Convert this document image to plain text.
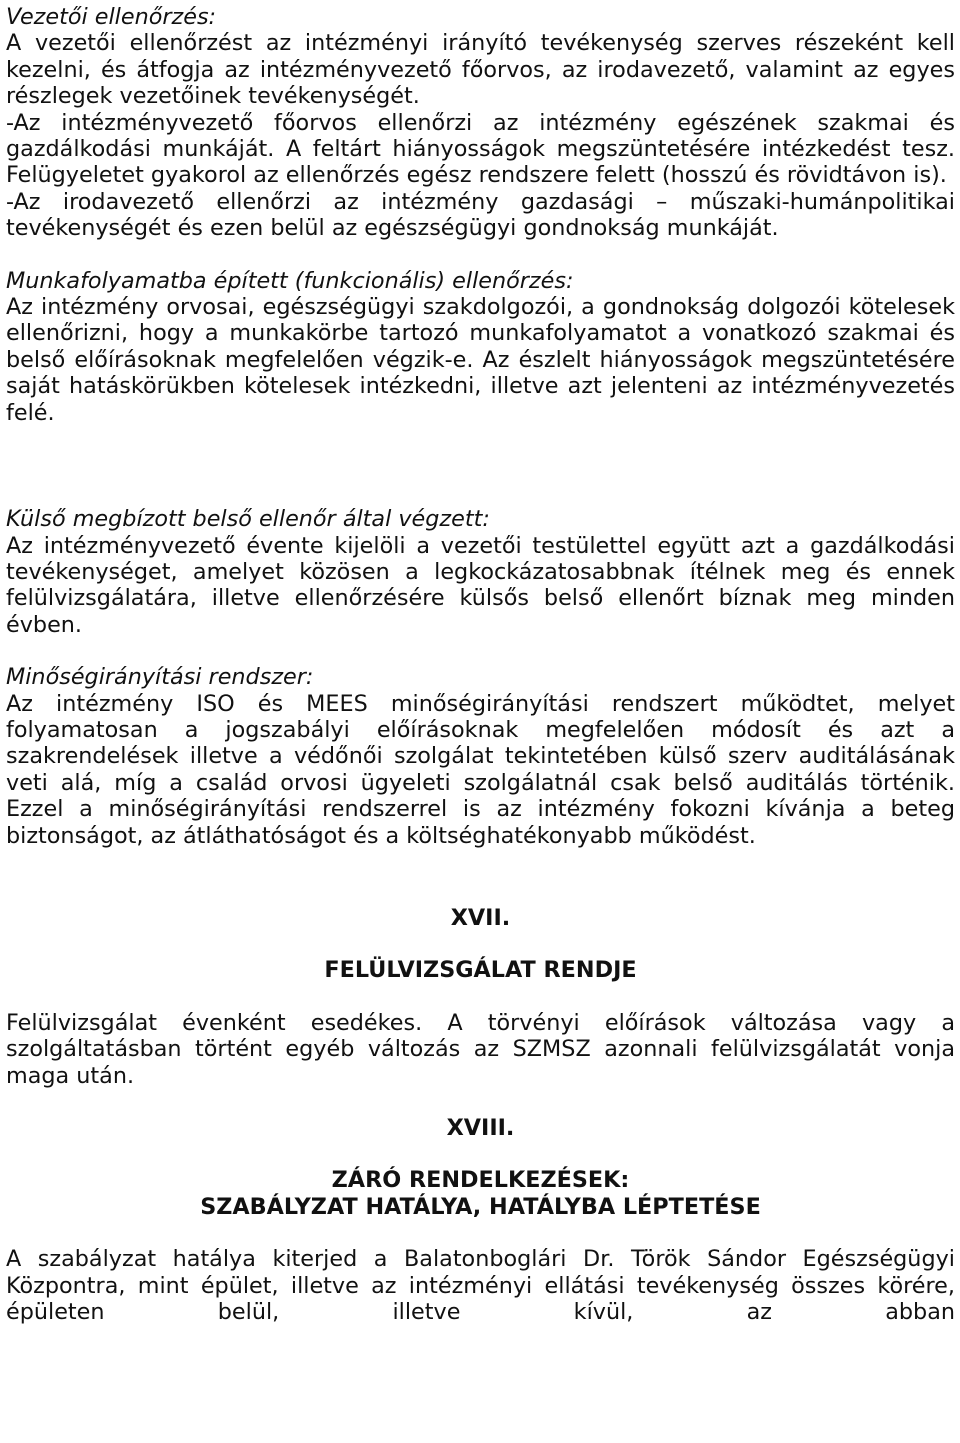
Vezetői ellenőrzés:

A vezetői ellenőrzést az intézményi irányító tevékenység szerves részeként kell kezelni, és átfogja az intézményvezető főorvos, az irodavezető, valamint az egyes részlegek vezetőinek tevékenységét.

-Az intézményvezető főorvos ellenőrzi az intézmény egészének szakmai és gazdálkodási munkáját. A feltárt hiányosságok megszüntetésére intézkedést tesz. Felügyeletet gyakorol az ellenőrzés egész rendszere felett (hosszú és rövidtávon is).

-Az irodavezető ellenőrzi az intézmény gazdasági – műszaki-humánpolitikai tevékenységét és ezen belül az egészségügyi gondnokság munkáját.

Munkafolyamatba épített (funkcionális) ellenőrzés:

Az intézmény orvosai, egészségügyi szakdolgozói, a gondnokság dolgozói kötelesek ellenőrizni, hogy a munkakörbe tartozó munkafolyamatot a vonatkozó szakmai és belső előírásoknak megfelelően végzik-e. Az észlelt hiányosságok megszüntetésére saját hatáskörükben kötelesek intézkedni, illetve azt jelenteni az intézményvezetés felé.

Külső megbízott belső ellenőr által végzett:

Az intézményvezető évente kijelöli a vezetői testülettel együtt azt a gazdálkodási tevékenységet, amelyet közösen a legkockázatosabbnak ítélnek meg és ennek felülvizsgálatára, illetve ellenőrzésére külsős belső ellenőrt bíznak meg minden évben.

Minőségirányítási rendszer:

Az intézmény ISO és MEES minőségirányítási rendszert működtet, melyet folyamatosan a jogszabályi előírásoknak megfelelően módosít és azt a szakrendelések illetve a védőnői szolgálat tekintetében külső szerv auditálásának veti alá, míg a család orvosi ügyeleti szolgálatnál csak belső auditálás történik. Ezzel a minőségirányítási rendszerrel is az intézmény fokozni kívánja a beteg biztonságot, az átláthatóságot és a költséghatékonyabb működést.

XVII.

FELÜLVIZSGÁLAT RENDJE

Felülvizsgálat évenként esedékes. A törvényi előírások változása vagy a szolgáltatásban történt egyéb változás az SZMSZ azonnali felülvizsgálatát vonja maga után.

XVIII.

ZÁRÓ RENDELKEZÉSEK:

SZABÁLYZAT HATÁLYA, HATÁLYBA LÉPTETÉSE

A szabályzat hatálya kiterjed a Balatonboglári Dr. Török Sándor Egészségügyi Központra, mint épület, illetve az intézményi ellátási tevékenység összes körére, épületen belül, illetve kívül, az abban
